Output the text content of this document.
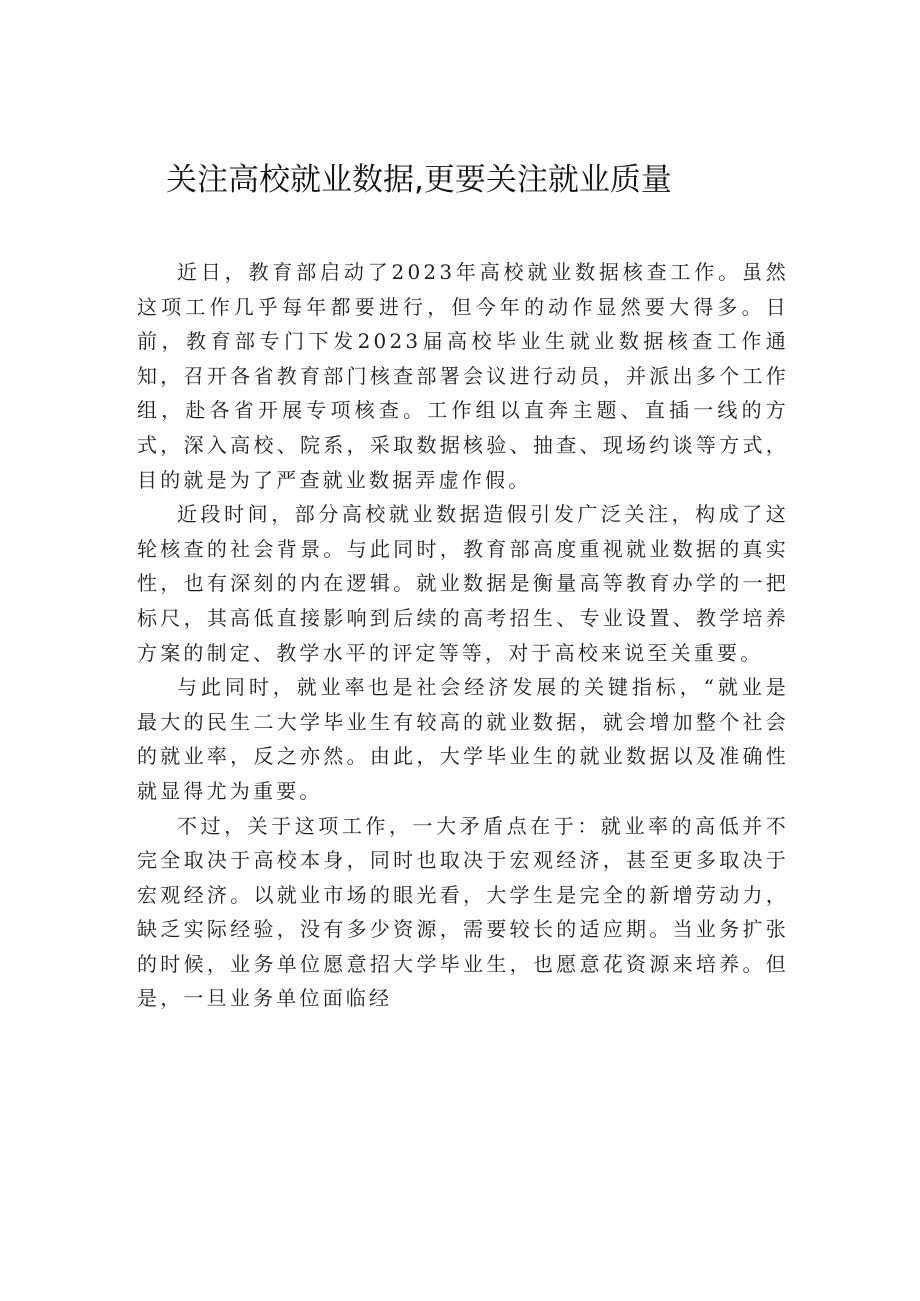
关注高校就业数据,更要关注就业质量

近日，教育部启动了2023年高校就业数据核查工作。虽然这项工作几乎每年都要进行，但今年的动作显然要大得多。日前，教育部专门下发2023届高校毕业生就业数据核查工作通知，召开各省教育部门核查部署会议进行动员，并派出多个工作组，赴各省开展专项核查。工作组以直奔主题、直插一线的方式，深入高校、院系，采取数据核验、抽查、现场约谈等方式，目的就是为了严查就业数据弄虚作假。

近段时间，部分高校就业数据造假引发广泛关注，构成了这轮核查的社会背景。与此同时，教育部高度重视就业数据的真实性，也有深刻的内在逻辑。就业数据是衡量高等教育办学的一把标尺，其高低直接影响到后续的高考招生、专业设置、教学培养方案的制定、教学水平的评定等等，对于高校来说至关重要。

与此同时，就业率也是社会经济发展的关键指标，“就业是最大的民生二大学毕业生有较高的就业数据，就会增加整个社会的就业率，反之亦然。由此，大学毕业生的就业数据以及准确性就显得尤为重要。

不过，关于这项工作，一大矛盾点在于：就业率的高低并不完全取决于高校本身，同时也取决于宏观经济，甚至更多取决于宏观经济。以就业市场的眼光看，大学生是完全的新增劳动力，缺乏实际经验，没有多少资源，需要较长的适应期。当业务扩张的时候，业务单位愿意招大学毕业生，也愿意花资源来培养。但是，一旦业务单位面临经
